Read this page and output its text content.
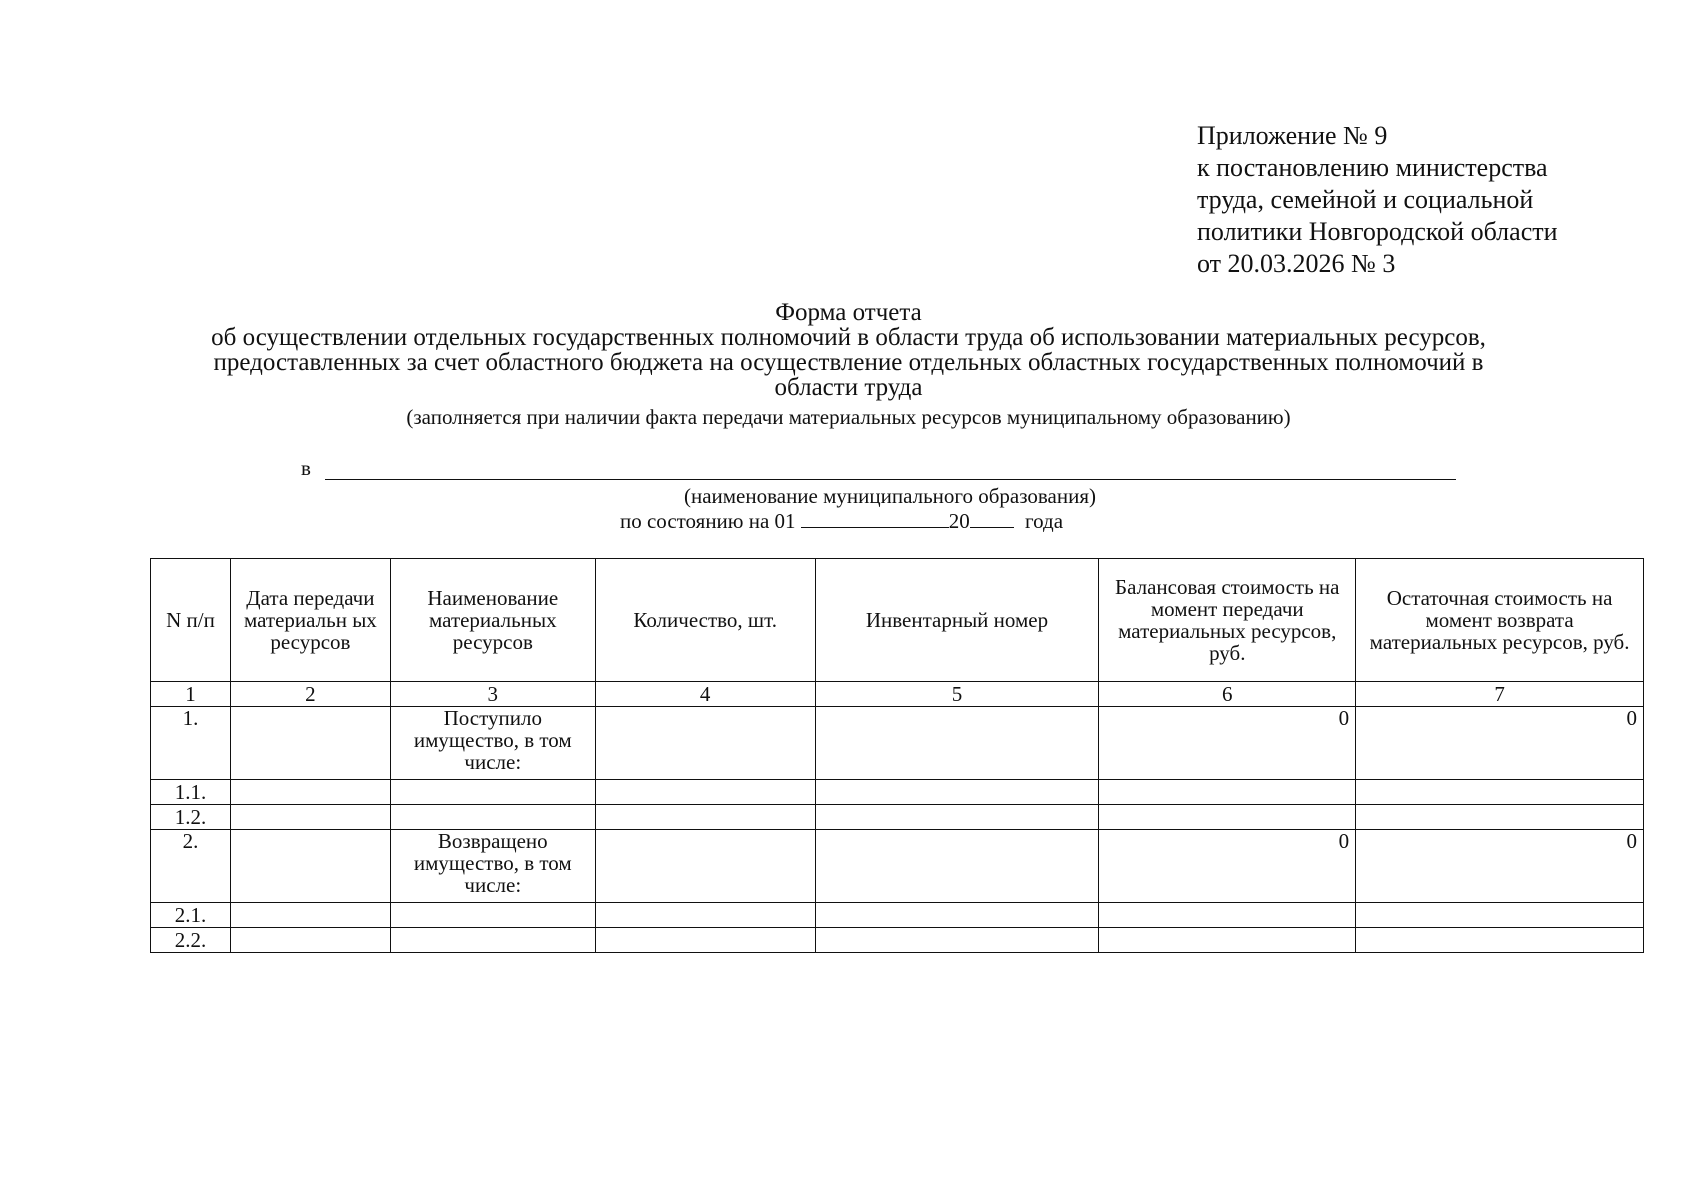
Приложение № 9
к постановлению министерства
труда, семейной и социальной
политики Новгородской области
от 20.03.2026 № 3
Форма отчета
об осуществлении отдельных государственных полномочий в области труда об использовании материальных ресурсов,
предоставленных за счет областного бюджета на осуществление отдельных областных государственных полномочий в
области труда
(заполняется при наличии факта передачи материальных ресурсов муниципальному образованию)
в
(наименование муниципального образования)
по состоянию на 01	20	года
N п/п	Дата передачи материальн ых ресурсов	Наименование материальных ресурсов	Количество, шт.	Инвентарный номер	Балансовая стоимость на момент передачи материальных ресурсов, руб.	Остаточная стоимость на момент возврата материальных ресурсов, руб.
1	2	3	4	5	6	7
1.		Поступило имущество, в том числе:			0	0
1.1.						
1.2.						
2.		Возвращено имущество, в том числе:			0	0
2.1.						
2.2.						
